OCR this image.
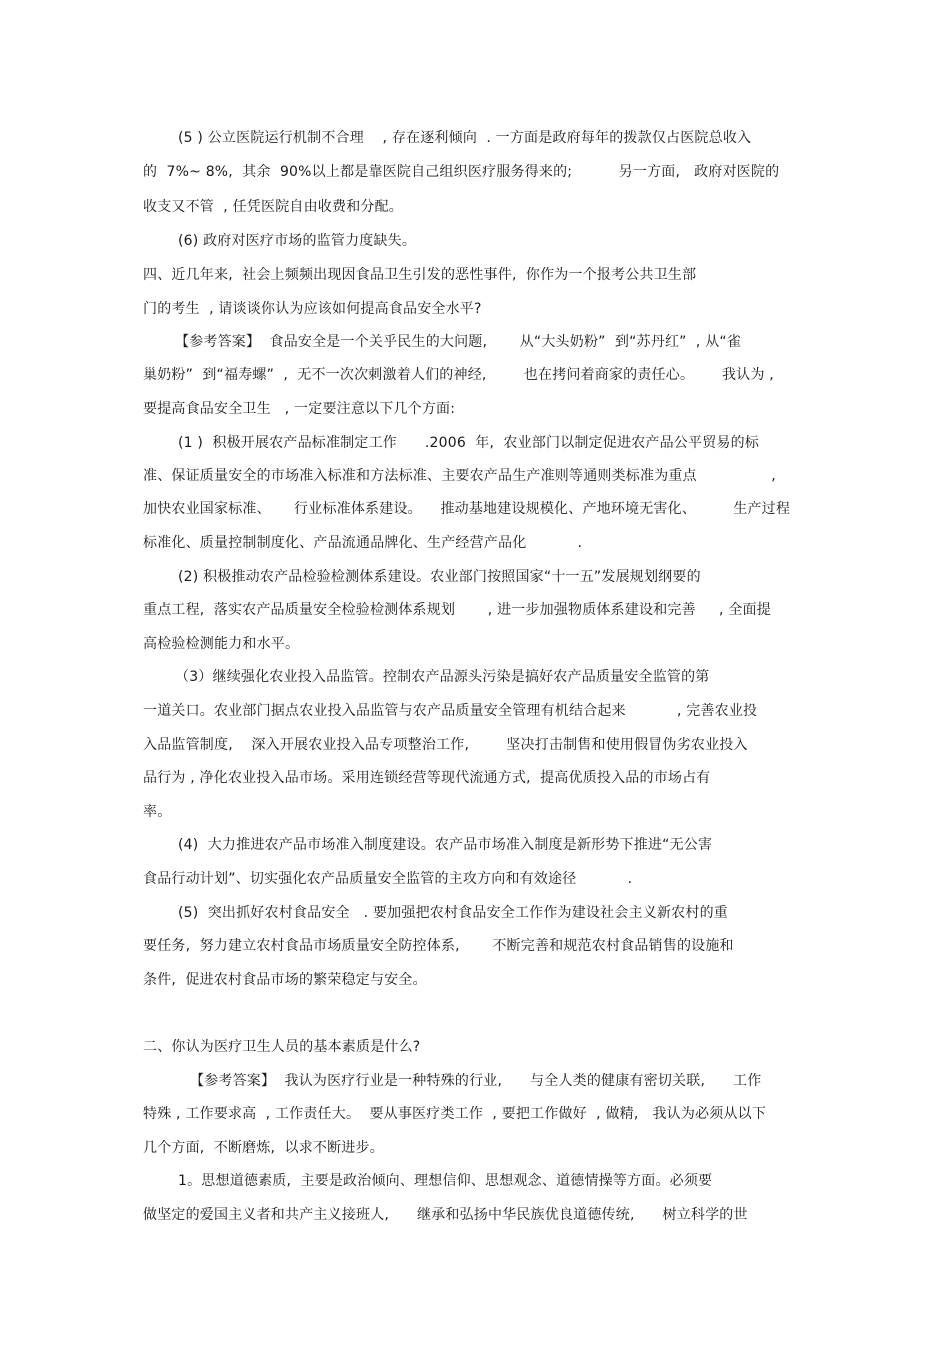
(5 ) 公立医院运行机制不合理    , 存在逐利倾向  . 一方面是政府每年的拨款仅占医院总收入
的  7%~ 8%,  其余  90%以上都是靠医院自己组织医疗服务得来的;          另一方面,   政府对医院的
收支又不管  , 任凭医院自由收费和分配。
(6) 政府对医疗市场的监管力度缺失。
四、近几年来,  社会上频频出现因食品卫生引发的恶性事件,  你作为一个报考公共卫生部
门的考生  , 请谈谈你认为应该如何提高食品安全水平?
【参考答案】  食品安全是一个关乎民生的大问题,       从“大头奶粉”  到“苏丹红”  , 从“雀
巢奶粉”  到“福寿螺”  ,  无不一次次刺激着人们的神经,        也在拷问着商家的责任心。      我认为 ,
要提高食品安全卫生   , 一定要注意以下几个方面:
(1 )  积极开展农产品标准制定工作      .2006  年,  农业部门以制定促进农产品公平贸易的标
准、保证质量安全的市场准入标准和方法标准、主要农产品生产准则等通则类标准为重点                ,
加快农业国家标准、     行业标准体系建设。    推动基地建设规模化、产地环境无害化、        生产过程
标准化、质量控制制度化、产品流通品牌化、生产经营产品化           .
(2) 积极推动农产品检验检测体系建设。农业部门按照国家“十一五”发展规划纲要的
重点工程,  落实农产品质量安全检验检测体系规划       , 进一步加强物质体系建设和完善     , 全面提
高检验检测能力和水平。
（3）继续强化农业投入品监管。控制农产品源头污染是搞好农产品质量安全监管的第
一道关口。农业部门据点农业投入品监管与农产品质量安全管理有机结合起来           , 完善农业投
入品监管制度,    深入开展农业投入品专项整治工作,        坚决打击制售和使用假冒伪劣农业投入
品行为 , 净化农业投入品市场。采用连锁经营等现代流通方式,  提高优质投入品的市场占有
率。
(4)  大力推进农产品市场准入制度建设。农产品市场准入制度是新形势下推进“无公害
食品行动计划”、切实强化农产品质量安全监管的主攻方向和有效途径           .
(5)  突出抓好农村食品安全   . 要加强把农村食品安全工作作为建设社会主义新农村的重
要任务,  努力建立农村食品市场质量安全防控体系,       不断完善和规范农村食品销售的设施和
条件,  促进农村食品市场的繁荣稳定与安全。
二、你认为医疗卫生人员的基本素质是什么?
【参考答案】  我认为医疗行业是一种特殊的行业,      与全人类的健康有密切关联,      工作
特殊 , 工作要求高  , 工作责任大。  要从事医疗类工作  , 要把工作做好  , 做精,   我认为必须从以下
几个方面,  不断磨炼,  以求不断进步。
1。思想道德素质,  主要是政治倾向、理想信仰、思想观念、道德情操等方面。必须要
做坚定的爱国主义者和共产主义接班人,      继承和弘扬中华民族优良道德传统,      树立科学的世
